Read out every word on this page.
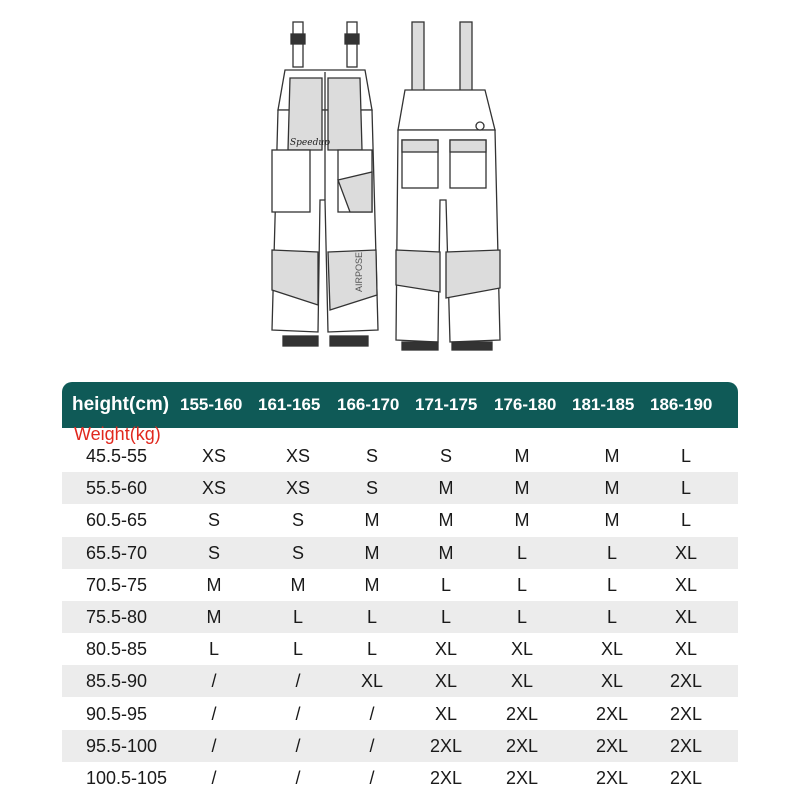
Speedup
AIRPOSE
height(cm) 155-160 161-165 166-170 171-175 176-180 181-185 186-190
Weight(kg)
45.5-55	XS	XS	S	S	M	M	L
55.5-60	XS	XS	S	M	M	M	L
60.5-65	S	S	M	M	M	M	L
65.5-70	S	S	M	M	L	L	XL
70.5-75	M	M	M	L	L	L	XL
75.5-80	M	L	L	L	L	L	XL
80.5-85	L	L	L	XL	XL	XL	XL
85.5-90	/	/	XL	XL	XL	XL	2XL
90.5-95	/	/	/	XL	2XL	2XL 2XL
95.5-100	/	/	/	2XL 2XL	2XL 2XL
100.5-105 /	/	/	2XL 2XL	2XL 2XL
